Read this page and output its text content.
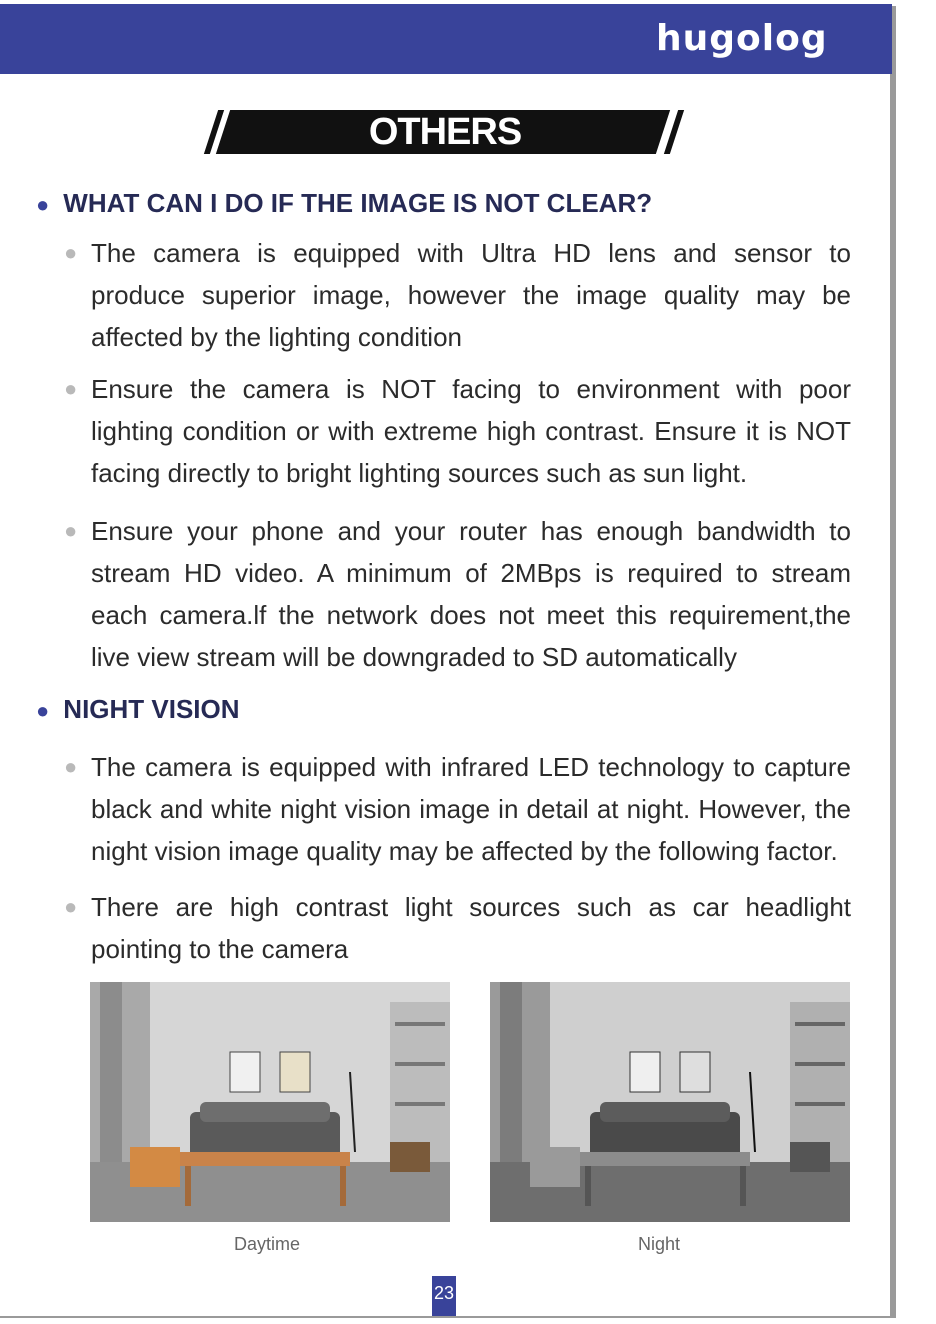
hugolog
OTHERS
● WHAT CAN I DO IF THE IMAGE IS NOT CLEAR?
● The camera is equipped with Ultra HD lens and sensor to produce superior image, however the image quality may be affected by the lighting condition
● Ensure the camera is NOT facing to environment with poor lighting condition or with extreme high contrast. Ensure it is NOT facing directly to bright lighting sources such as sun light.
● Ensure your phone and your router has enough bandwidth to stream HD video. A minimum of 2MBps is required to stream each camera.lf the network does not meet this requirement,the live view stream will be downgraded to SD automatically
● NIGHT VISION
● The camera is equipped with infrared LED technology to capture black and white night vision image in detail at night. However, the night vision image quality may be affected by the following factor.
● There are high contrast light sources such as car headlight pointing to the camera
Daytime	Night
23
